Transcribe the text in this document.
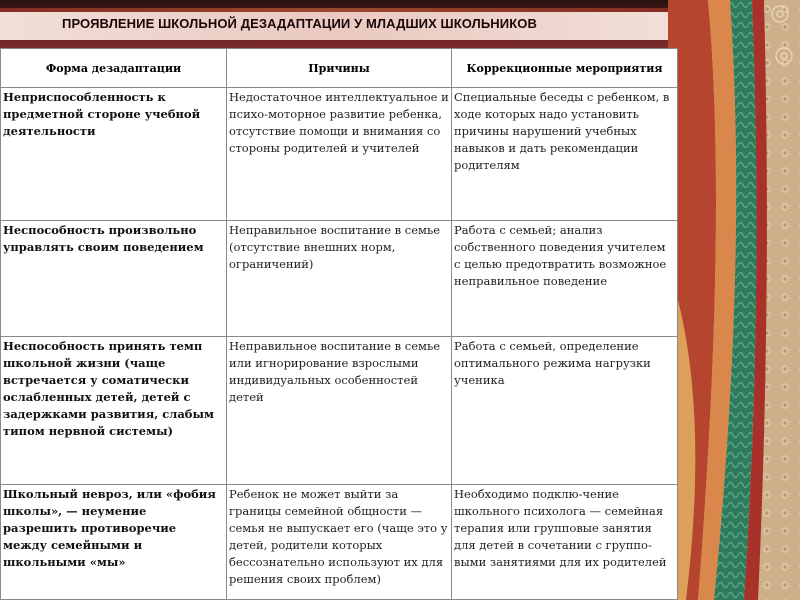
ПРОЯВЛЕНИЕ ШКОЛЬНОЙ ДЕЗАДАПТАЦИИ У МЛАДШИХ ШКОЛЬНИКОВ
Форма дезадаптации	Причины	Коррекционные мероприятия
Неприспособленность к предметной стороне учебной деятельности	Недостаточное интеллектуальное и психо-моторное развитие ребенка, отсутствие помощи и внимания со стороны родителей и учителей	Специальные беседы с ребенком, в ходе которых надо установить причины нарушений учебных навыков и дать рекомендации родителям
Неспособность произвольно управлять своим поведением	Неправильное воспитание в семье (отсутствие внешних норм, ограничений)	Работа с семьей; анализ собственного поведения учителем с целью предотвратить возможное неправильное поведение
Неспособность принять темп школьной жизни (чаще встречается у соматически ослабленных детей, детей с задержками развития, слабым типом нервной системы)	Неправильное воспитание в семье или игнорирование взрослыми индивидуальных особенностей детей	Работа с семьей, определение оптимального режима нагрузки ученика
Школьный невроз, или «фобия школы», — неумение разрешить противоречие между семейными и школьными «мы»	Ребенок не может выйти за границы семейной общности — семья не выпускает его (чаще это у детей, родители которых бессознательно используют их для решения своих проблем)	Необходимо подклю-чение школьного психолога — семейная терапия или групповые занятия для детей в сочетании с группо-выми занятиями для их родителей
